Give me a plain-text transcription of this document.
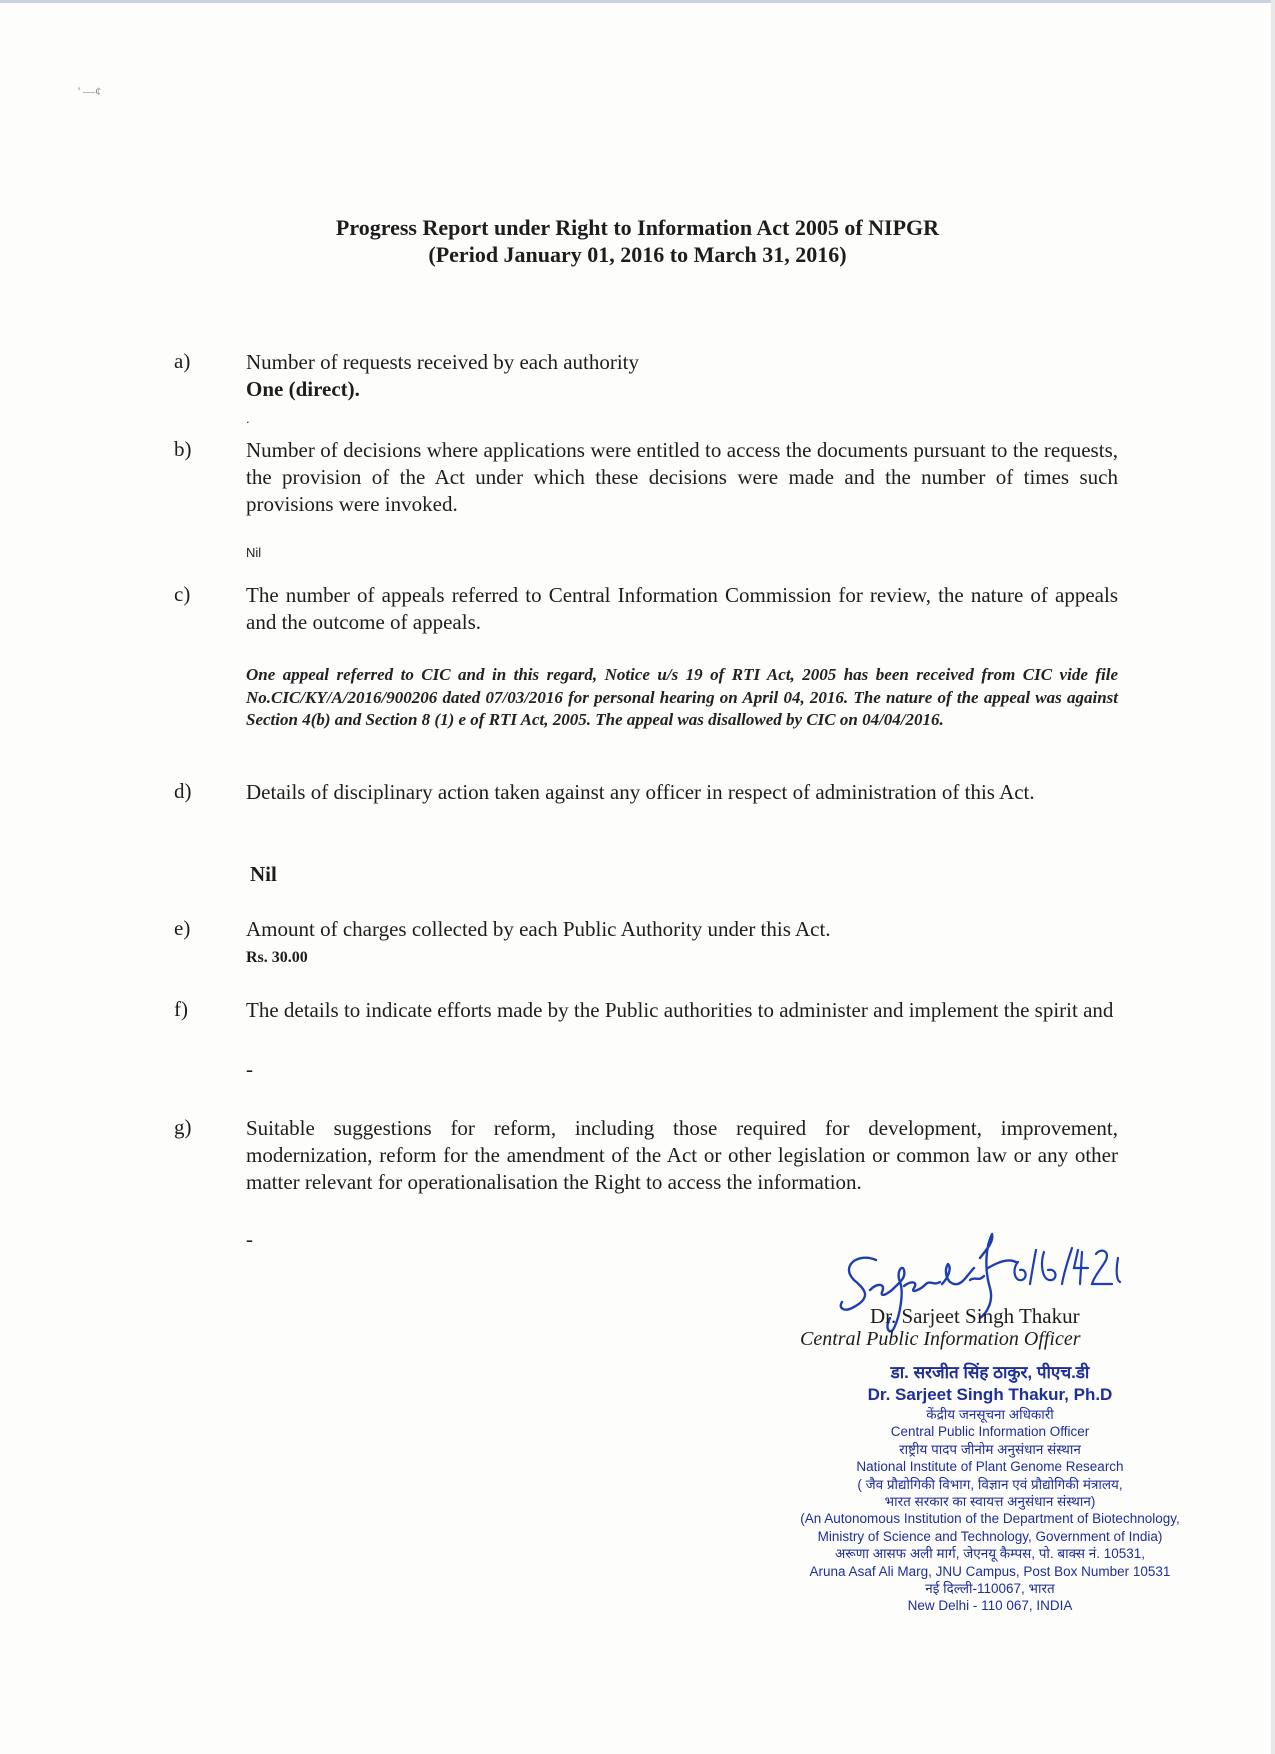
' —¢
Progress Report under Right to Information Act 2005 of NIPGR
(Period January 01, 2016 to March 31, 2016)
a)	Number of requests received by each authority
One (direct).
.
b)	Number of decisions where applications were entitled to access the documents pursuant to the requests, the provision of the Act under which these decisions were made and the number of times such provisions were invoked.
Nil
c)	The number of appeals referred to Central Information Commission for review, the nature of appeals and the outcome of appeals.
One appeal referred to CIC and in this regard, Notice u/s 19 of RTI Act, 2005 has been received from CIC vide file No.CIC/KY/A/2016/900206 dated 07/03/2016 for personal hearing on April 04, 2016. The nature of the appeal was against Section 4(b) and Section 8 (1) e of RTI Act, 2005. The appeal was disallowed by CIC on 04/04/2016.
d)	Details of disciplinary action taken against any officer in respect of administration of this Act.
Nil
e)	Amount of charges collected by each Public Authority under this Act.
Rs. 30.00
f)	The details to indicate efforts made by the Public authorities to administer and implement the spirit and
-
g)	Suitable suggestions for reform, including those required for development, improvement, modernization, reform for the amendment of the Act or other legislation or common law or any other matter relevant for operationalisation the Right to access the information.
-
Dr. Sarjeet Singh Thakur
Central Public Information Officer
डा. सरजीत सिंह ठाकुर, पीएच.डी
Dr. Sarjeet Singh Thakur, Ph.D
केंद्रीय जनसूचना अधिकारी
Central Public Information Officer
राष्ट्रीय पादप जीनोम अनुसंधान संस्थान
National Institute of Plant Genome Research
( जैव प्रौद्योगिकी विभाग, विज्ञान एवं प्रौद्योगिकी मंत्रालय,
भारत सरकार का स्वायत्त अनुसंधान संस्थान)
(An Autonomous Institution of the Department of Biotechnology,
Ministry of Science and Technology, Government of India)
अरूणा आसफ अली मार्ग, जेएनयू कैम्पस, पो. बाक्स नं. 10531,
Aruna Asaf Ali Marg, JNU Campus, Post Box Number 10531
नई दिल्ली-110067, भारत
New Delhi - 110 067, INDIA
